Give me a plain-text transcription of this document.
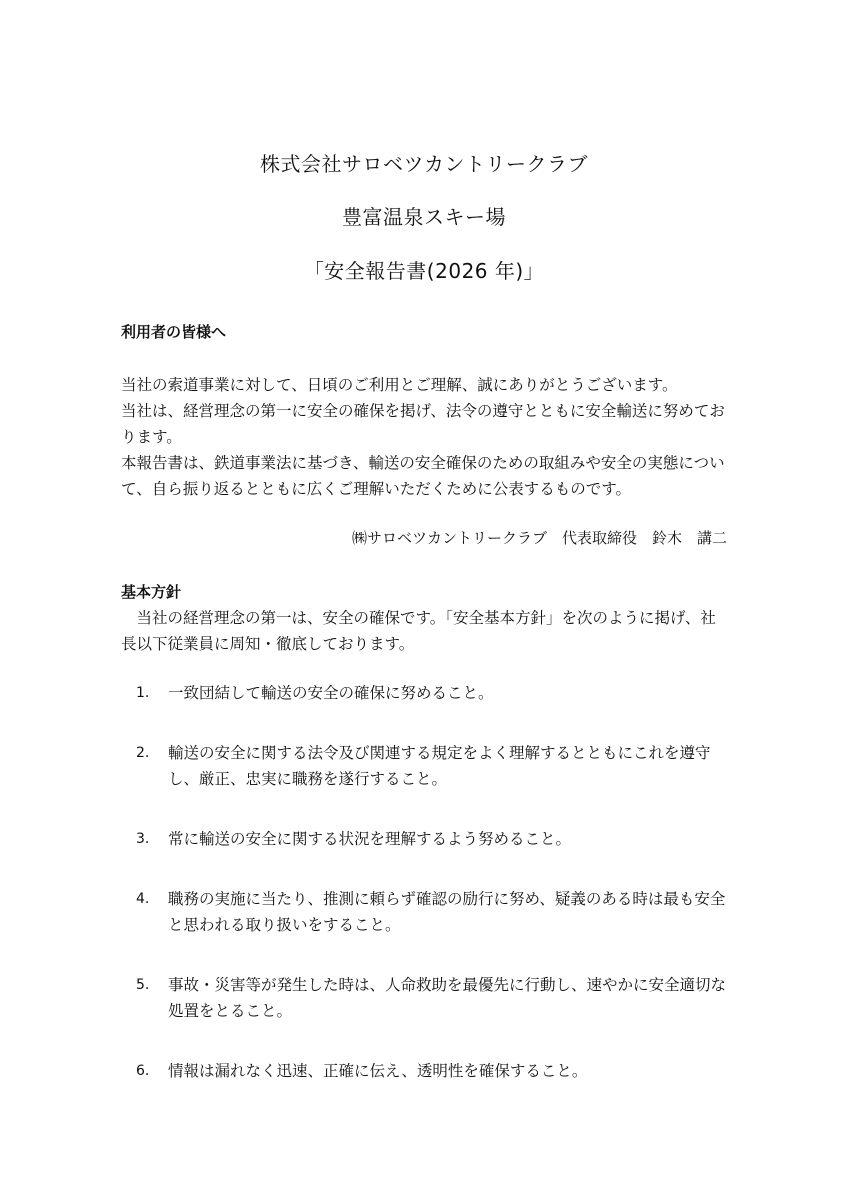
株式会社サロベツカントリークラブ
豊富温泉スキー場
「安全報告書(2026 年)」
利用者の皆様へ

当社の索道事業に対して、日頃のご利用とご理解、誠にありがとうございます。

当社は、経営理念の第一に安全の確保を掲げ、法令の遵守とともに安全輸送に努めております。

本報告書は、鉄道事業法に基づき、輸送の安全確保のための取組みや安全の実態について、自ら振り返るとともに広くご理解いただくために公表するものです。

㈱サロベツカントリークラブ　代表取締役　鈴木　講二
基本方針

当社の経営理念の第一は、安全の確保です。「安全基本方針」を次のように掲げ、社長以下従業員に周知・徹底しております。

1. 一致団結して輸送の安全の確保に努めること。
2. 輸送の安全に関する法令及び関連する規定をよく理解するとともにこれを遵守し、厳正、忠実に職務を遂行すること。
3. 常に輸送の安全に関する状況を理解するよう努めること。
4. 職務の実施に当たり、推測に頼らず確認の励行に努め、疑義のある時は最も安全と思われる取り扱いをすること。
5. 事故・災害等が発生した時は、人命救助を最優先に行動し、速やかに安全適切な処置をとること。
6. 情報は漏れなく迅速、正確に伝え、透明性を確保すること。
